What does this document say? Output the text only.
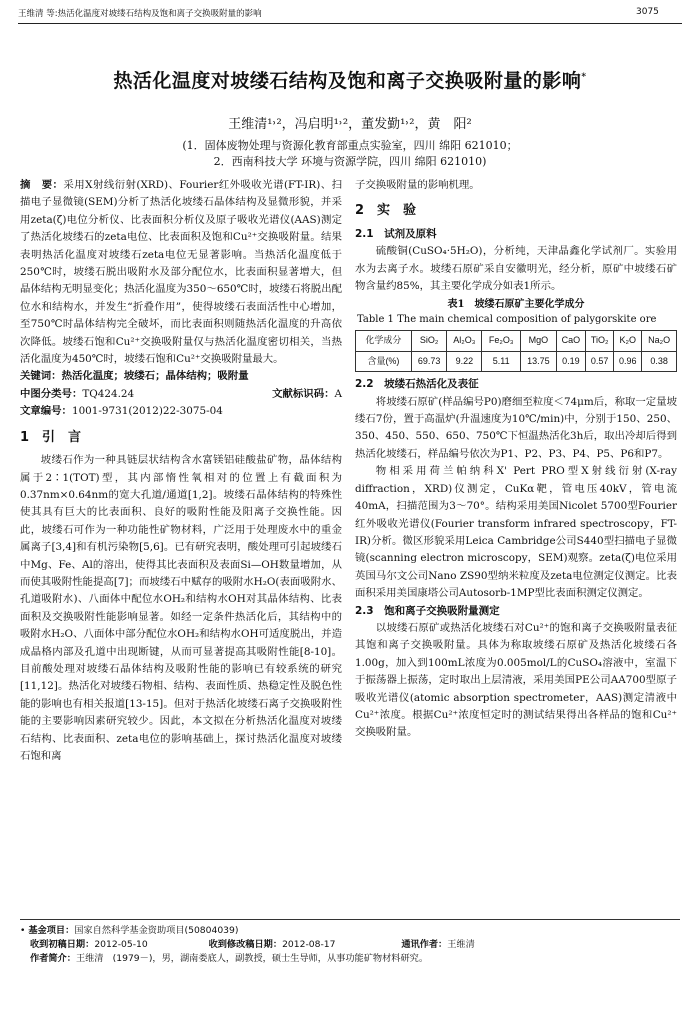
王维清 等:热活化温度对坡缕石结构及饱和离子交换吸附量的影响	3075
热活化温度对坡缕石结构及饱和离子交换吸附量的影响*
王维清¹˒²，冯启明¹˒²，董发勤¹˒²，黄　阳²
(1．固体废物处理与资源化教育部重点实验室，四川 绵阳 621010；
2．西南科技大学 环境与资源学院，四川 绵阳 621010)

摘　要：采用X射线衍射(XRD)、Fourier红外吸收光谱(FT-IR)、扫描电子显微镜(SEM)分析了热活化坡缕石晶体结构及显微形貌，并采用zeta(ζ)电位分析仪、比表面积分析仪及原子吸收光谱仪(AAS)测定了热活化坡缕石的zeta电位、比表面积及饱和Cu²⁺交换吸附量。结果表明热活化温度对坡缕石zeta电位无显著影响。当热活化温度低于250℃时，坡缕石脱出吸附水及部分配位水，比表面积显著增大，但晶体结构无明显变化；热活化温度为350～650℃时，坡缕石将脱出配位水和结构水，并发生“折叠作用”，使得坡缕石表面活性中心增加，至750℃时晶体结构完全破坏，而比表面积则随热活化温度的升高依次降低。坡缕石饱和Cu²⁺交换吸附量仅与热活化温度密切相关，当热活化温度为450℃时，坡缕石饱和Cu²⁺交换吸附量最大。

关键词：热活化温度；坡缕石；晶体结构；吸附量

中图分类号：TQ424.24	文献标识码：A

文章编号：1001-9731(2012)22-3075-04

1　引　言

坡缕石作为一种具链层状结构含水富镁铝硅酸盐矿物，晶体结构属于2∶1(TOT)型，其内部惰性氧相对的位置上有截面积为0.37nm×0.64nm的宽大孔道/通道[1,2]。坡缕石晶体结构的特殊性使其具有巨大的比表面积、良好的吸附性能及阳离子交换性能。因此，坡缕石可作为一种功能性矿物材料，广泛用于处理废水中的重金属离子[3,4]和有机污染物[5,6]。已有研究表明，酸处理可引起坡缕石中Mg、Fe、Al的溶出，使得其比表面积及表面Si—OH数量增加，从而使其吸附性能提高[7]；而坡缕石中赋存的吸附水H₂O(表面吸附水、孔道吸附水)、八面体中配位水OH₂和结构水OH对其晶体结构、比表面积及交换吸附性能影响显著。如经一定条件热活化后，其结构中的吸附水H₂O、八面体中部分配位水OH₂和结构水OH可适度脱出，并造成晶格内部及孔道中出现断键，从而可显著提高其吸附性能[8-10]。目前酸处理对坡缕石晶体结构及吸附性能的影响已有较系统的研究[11,12]。热活化对坡缕石物相、结构、表面性质、热稳定性及脱色性能的影响也有相关报道[13-15]。但对于热活化坡缕石离子交换吸附性能的主要影响因素研究较少。因此，本文拟在分析热活化温度对坡缕石结构、比表面积、zeta电位的影响基础上，探讨热活化温度对坡缕石饱和离

子交换吸附量的影响机理。

2　实　验
2.1　试剂及原料

硫酸铜(CuSO₄·5H₂O)，分析纯，天津晶鑫化学试剂厂。实验用水为去离子水。坡缕石原矿采自安徽明光，经分析，原矿中坡缕石矿物含量约85%，其主要化学成分如表1所示。

表1　坡缕石原矿主要化学成分
Table 1 The main chemical composition of palygorskite ore
化学成分	SiO₂	Al₂O₃	Fe₂O₃	MgO	CaO	TiO₂	K₂O	Na₂O
含量(%)	69.73	9.22	5.11	13.75	0.19	0.57	0.96	0.38
2.2　坡缕石热活化及表征

将坡缕石原矿(样品编号P0)磨细至粒度＜74μm后，称取一定量坡缕石7份，置于高温炉(升温速度为10℃/min)中，分别于150、250、350、450、550、650、750℃下恒温热活化3h后，取出冷却后得到热活化坡缕石，样品编号依次为P1、P2、P3、P4、P5、P6和P7。

物相采用荷兰帕纳科X' Pert PRO型X射线衍射(X-ray diffraction，XRD)仪测定，CuKα靶，管电压40kV，管电流40mA，扫描范围为3～70°。结构采用美国Nicolet 5700型Fourier红外吸收光谱仪(Fourier transform infrared spectroscopy，FT-IR)分析。微区形貌采用Leica Cambridge公司S440型扫描电子显微镜(scanning electron microscopy，SEM)观察。zeta(ζ)电位采用英国马尔文公司Nano ZS90型纳米粒度及zeta电位测定仪测定。比表面积采用美国康塔公司Autosorb-1MP型比表面积测定仪测定。

2.3　饱和离子交换吸附量测定

以坡缕石原矿或热活化坡缕石对Cu²⁺的饱和离子交换吸附量表征其饱和离子交换吸附量。具体为称取坡缕石原矿及热活化坡缕石各1.00g，加入到100mL浓度为0.005mol/L的CuSO₄溶液中，室温下于振荡器上振荡，定时取出上层清液，采用美国PE公司AA700型原子吸收光谱仪(atomic absorption spectrometer，AAS)测定清液中Cu²⁺浓度。根据Cu²⁺浓度恒定时的测试结果得出各样品的饱和Cu²⁺交换吸附量。

• 基金项目：国家自然科学基金资助项目(50804039)
收到初稿日期：2012-05-10	收到修改稿日期：2012-08-17	通讯作者：王维清
作者简介：王维清　(1979－)，男，湖南娄底人，副教授，硕士生导师，从事功能矿物材料研究。
